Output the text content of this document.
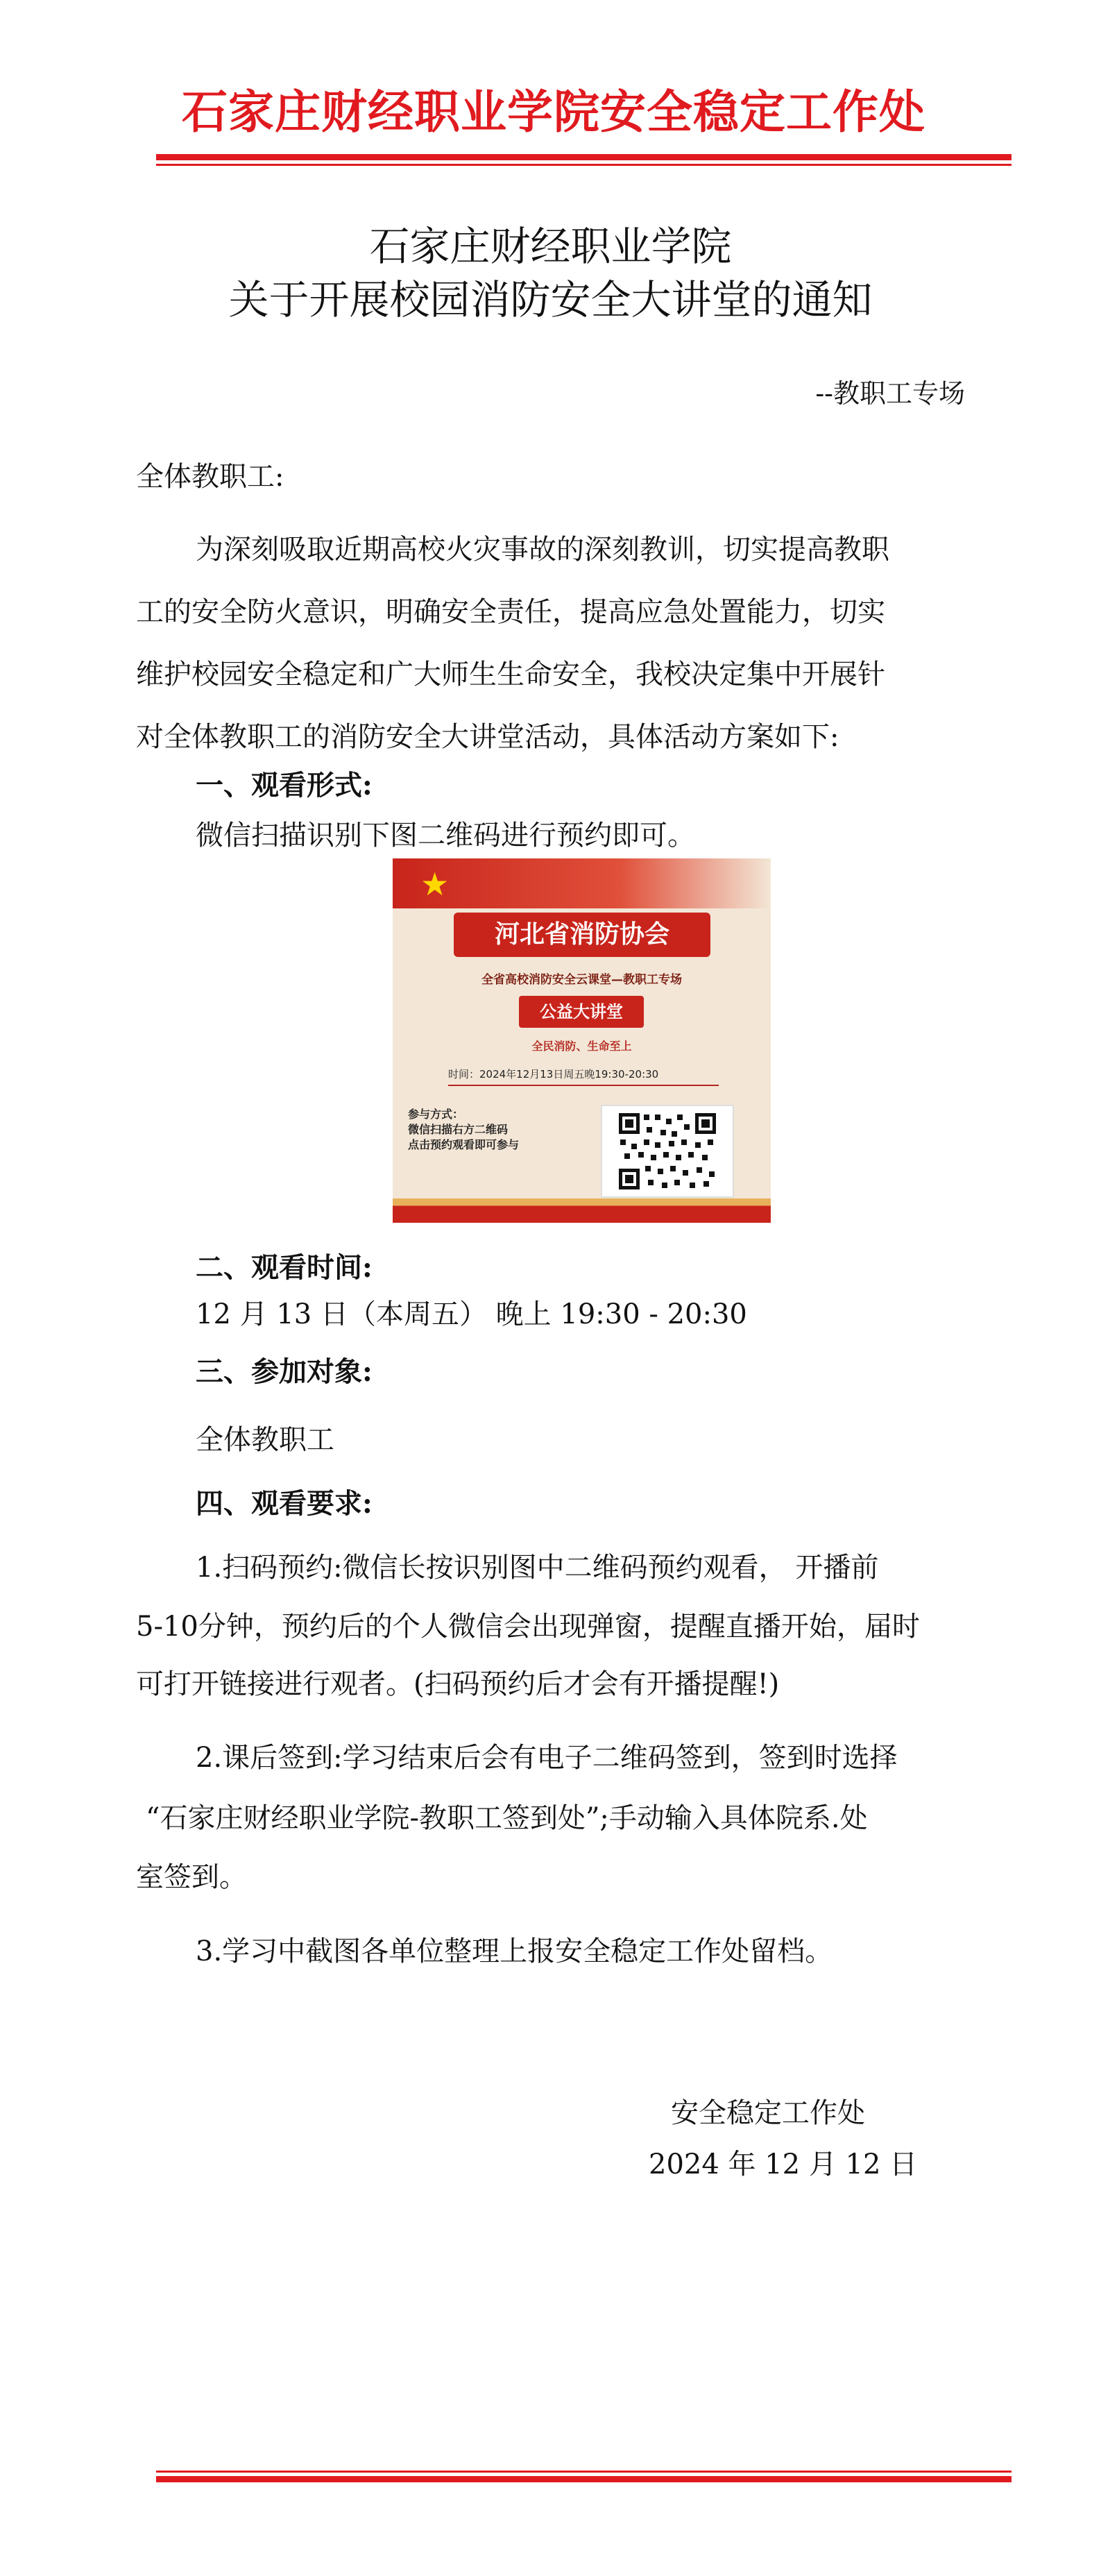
石家庄财经职业学院安全稳定工作处
石家庄财经职业学院
关于开展校园消防安全大讲堂的通知
--教职工专场
全体教职工:
为深刻吸取近期高校火灾事故的深刻教训，切实提高教职
工的安全防火意识，明确安全责任，提高应急处置能力，切实
维护校园安全稳定和广大师生生命安全，我校决定集中开展针
对全体教职工的消防安全大讲堂活动，具体活动方案如下:
一、观看形式:
微信扫描识别下图二维码进行预约即可。
★
河北省消防协会
全省高校消防安全云课堂—教职工专场
公益大讲堂
全民消防、生命至上
时间：2024年12月13日周五晚19:30-20:30
参与方式：
微信扫描右方二维码
点击预约观看即可参与
二、观看时间:
12 月 13 日（本周五） 晚上 19:30 - 20:30
三、参加对象:
全体教职工
四、观看要求:
1.扫码预约:微信长按识别图中二维码预约观看， 开播前
5-10分钟，预约后的个人微信会出现弹窗，提醒直播开始，届时
可打开链接进行观者。(扫码预约后才会有开播提醒!)
2.课后签到:学习结束后会有电子二维码签到，签到时选择
“石家庄财经职业学院-教职工签到处”;手动输入具体院系.处
室签到。
3.学习中截图各单位整理上报安全稳定工作处留档。
安全稳定工作处
2024 年 12 月 12 日
